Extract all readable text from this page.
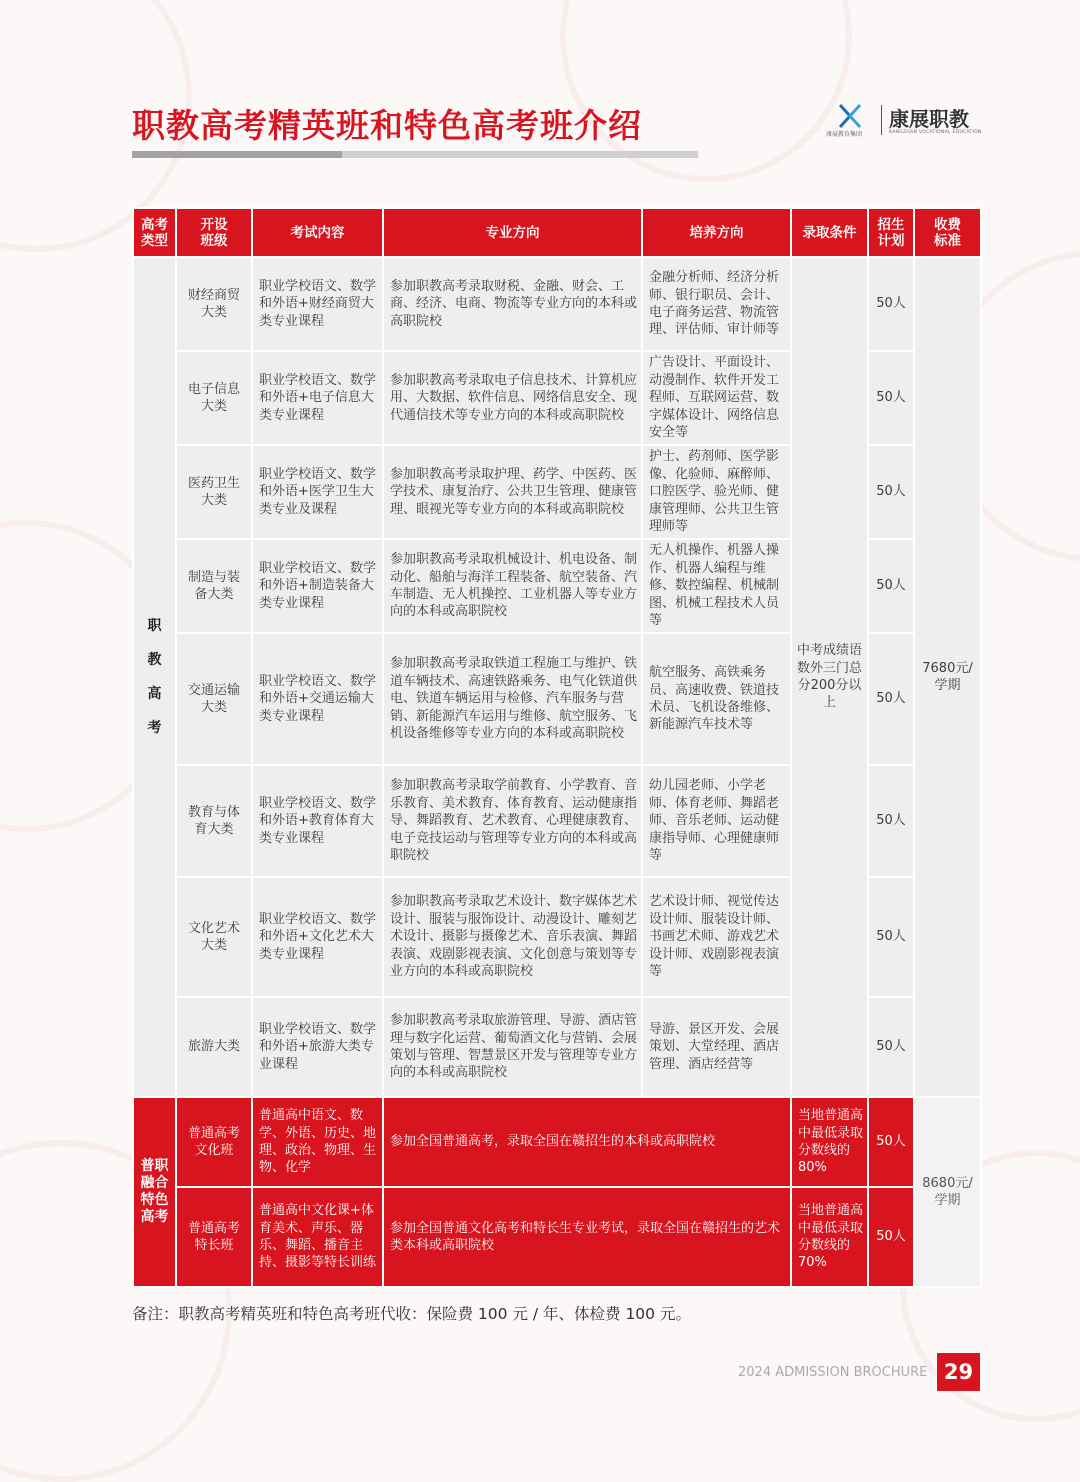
职教高考精英班和特色高考班介绍	康展教育集团
康展职教
KANGZHAN VOCATIONAL EDUCATION
高考类型	开设班级	考试内容	专业方向	培养方向	录取条件	招生计划	收费标准

职教高考	财经商贸大类	职业学校语文、数学和外语+财经商贸大类专业课程	参加职教高考录取财税、金融、财会、工商、经济、电商、物流等专业方向的本科或高职院校	金融分析师、经济分析师、银行职员、会计、电子商务运营、物流管理、评估师、审计师等	中考成绩语数外三门总分200分以上	50人	7680元/学期

	电子信息大类	职业学校语文、数学和外语+电子信息大类专业课程	参加职教高考录取电子信息技术、计算机应用、大数据、软件信息、网络信息安全、现代通信技术等专业方向的本科或高职院校	广告设计、平面设计、动漫制作、软件开发工程师、互联网运营、数字媒体设计、网络信息安全等		50人	

	医药卫生大类	职业学校语文、数学和外语+医学卫生大类专业及课程	参加职教高考录取护理、药学、中医药、医学技术、康复治疗、公共卫生管理、健康管理、眼视光等专业方向的本科或高职院校	护士、药剂师、医学影像、化验师、麻醉师、口腔医学、验光师、健康管理师、公共卫生管理师等		50人	

	制造与装备大类	职业学校语文、数学和外语+制造装备大类专业课程	参加职教高考录取机械设计、机电设备、制动化、船舶与海洋工程装备、航空装备、汽车制造、无人机操控、工业机器人等专业方向的本科或高职院校	无人机操作、机器人操作、机器人编程与维修、数控编程、机械制图、机械工程技术人员等		50人	

	交通运输大类	职业学校语文、数学和外语+交通运输大类专业课程	参加职教高考录取铁道工程施工与维护、铁道车辆技术、高速铁路乘务、电气化铁道供电、铁道车辆运用与检修、汽车服务与营销、新能源汽车运用与维修、航空服务、飞机设备维修等专业方向的本科或高职院校	航空服务、高铁乘务员、高速收费、铁道技术员、飞机设备维修、新能源汽车技术等		50人	

	教育与体育大类	职业学校语文、数学和外语+教育体育大类专业课程	参加职教高考录取学前教育、小学教育、音乐教育、美术教育、体育教育、运动健康指导、舞蹈教育、艺术教育、心理健康教育、电子竞技运动与管理等专业方向的本科或高职院校	幼儿园老师、小学老师、体育老师、舞蹈老师、音乐老师、运动健康指导师、心理健康师等		50人	

	文化艺术大类	职业学校语文、数学和外语+文化艺术大类专业课程	参加职教高考录取艺术设计、数字媒体艺术设计、服装与服饰设计、动漫设计、雕刻艺术设计、摄影与摄像艺术、音乐表演、舞蹈表演、戏剧影视表演、文化创意与策划等专业方向的本科或高职院校	艺术设计师、视觉传达设计师、服装设计师、书画艺术师、游戏艺术设计师、戏剧影视表演等		50人	

	旅游大类	职业学校语文、数学和外语+旅游大类专业课程	参加职教高考录取旅游管理、导游、酒店管理与数字化运营、葡萄酒文化与营销、会展策划与管理、智慧景区开发与管理等专业方向的本科或高职院校	导游、景区开发、会展策划、大堂经理、酒店管理、酒店经营等		50人	

普职融合特色高考	普通高考文化班	普通高中语文、数学、外语、历史、地理、政治、物理、生物、化学	参加全国普通高考，录取全国在赣招生的本科或高职院校		当地普通高中最低录取分数线的80%	50人	8680元/学期

	普通高考特长班	普通高中文化课+体育美术、声乐、器乐、舞蹈、播音主持、摄影等特长训练	参加全国普通文化高考和特长生专业考试，录取全国在赣招生的艺术类本科或高职院校		当地普通高中最低录取分数线的70%	50人	
备注：职教高考精英班和特色高考班代收：保险费 100 元 / 年、体检费 100 元。
2024 ADMISSION BROCHURE 29
